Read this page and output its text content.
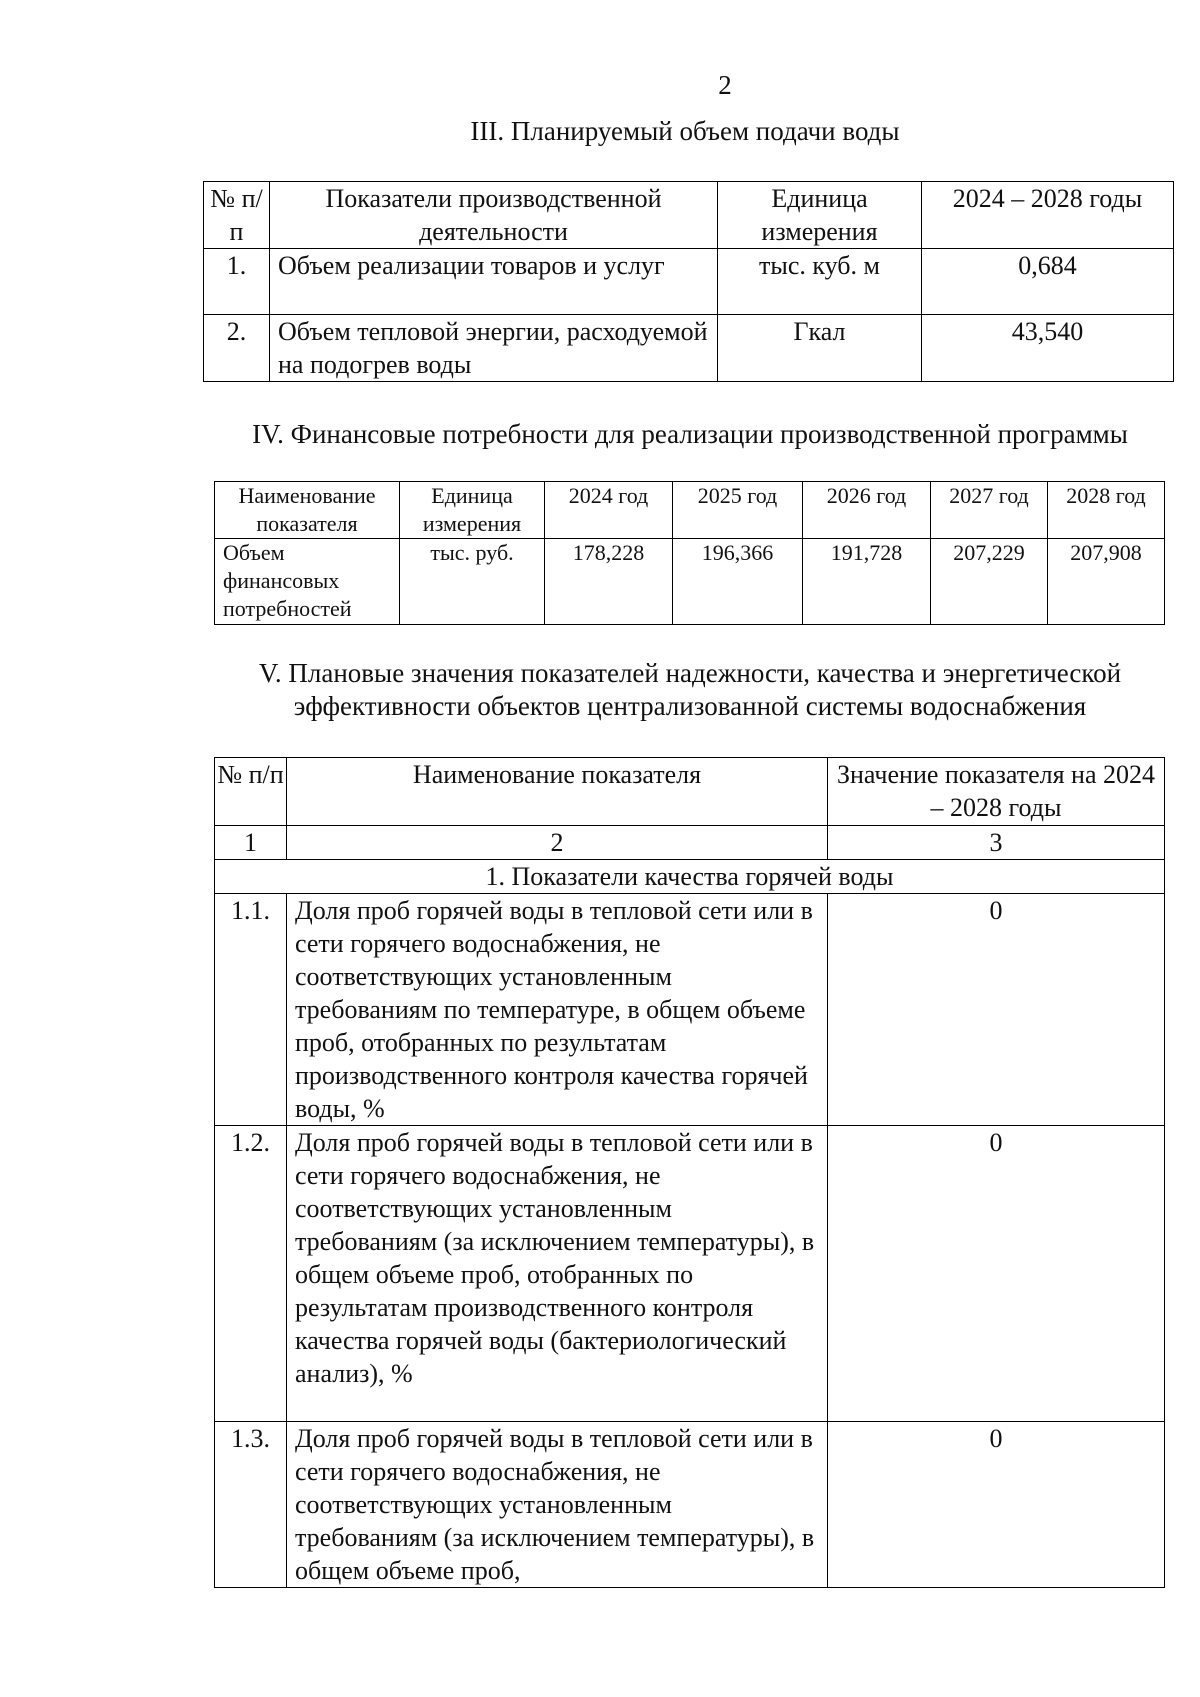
2
III. Планируемый объем подачи воды
№ п/п	Показатели производственной деятельности	Единица измерения	2024 – 2028 годы
1.	Объем реализации товаров и услуг	тыс. куб. м	0,684
2.	Объем тепловой энергии, расходуемой на подогрев воды	Гкал	43,540
IV. Финансовые потребности для реализации производственной программы
Наименование показателя	Единица измерения	2024 год	2025 год	2026 год	2027 год	2028 год
Объем финансовых потребностей	тыс. руб.	178,228	196,366	191,728	207,229	207,908
V. Плановые значения показателей надежности, качества и энергетической
эффективности объектов централизованной системы водоснабжения
№ п/п	Наименование показателя	Значение показателя на 2024 – 2028 годы
1	2	3
1. Показатели качества горячей воды		
1.1.	Доля проб горячей воды в тепловой сети или в сети горячего водоснабжения, не соответствующих установленным требованиям по температуре, в общем объеме проб, отобранных по результатам производственного контроля качества горячей воды, %	0
1.2.	Доля проб горячей воды в тепловой сети или в сети горячего водоснабжения, не соответствующих установленным требованиям (за исключением температуры), в общем объеме проб, отобранных по результатам производственного контроля качества горячей воды (бактериологический анализ), %	0
1.3.	Доля проб горячей воды в тепловой сети или в сети горячего водоснабжения, не соответствующих установленным требованиям (за исключением температуры), в общем объеме проб,	0
